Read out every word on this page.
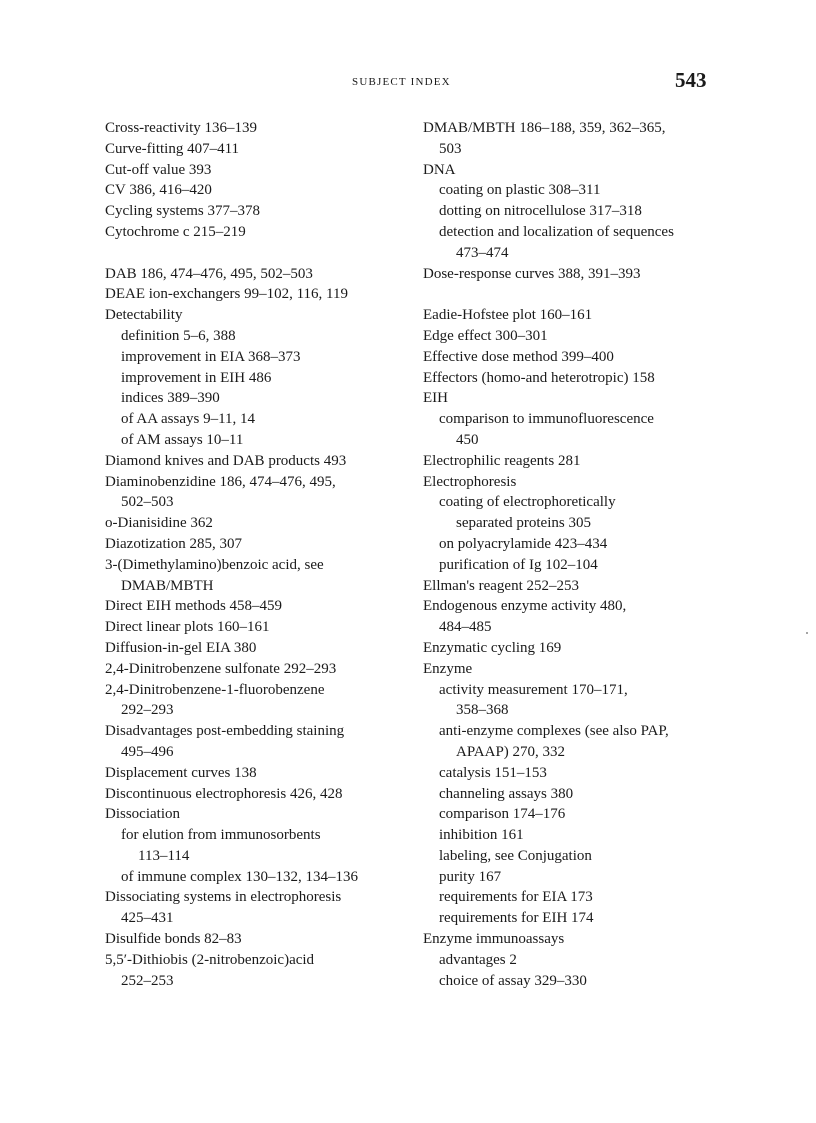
SUBJECT INDEX	543
Cross-reactivity 136–139
Curve-fitting 407–411
Cut-off value 393
CV 386, 416–420
Cycling systems 377–378
Cytochrome c 215–219
DAB 186, 474–476, 495, 502–503
DEAE ion-exchangers 99–102, 116, 119
Detectability
definition 5–6, 388
improvement in EIA 368–373
improvement in EIH 486
indices 389–390
of AA assays 9–11, 14
of AM assays 10–11
Diamond knives and DAB products 493
Diaminobenzidine 186, 474–476, 495,
502–503
o-Dianisidine 362
Diazotization 285, 307
3-(Dimethylamino)benzoic acid, see
DMAB/MBTH
Direct EIH methods 458–459
Direct linear plots 160–161
Diffusion-in-gel EIA 380
2,4-Dinitrobenzene sulfonate 292–293
2,4-Dinitrobenzene-1-fluorobenzene
292–293
Disadvantages post-embedding staining
495–496
Displacement curves 138
Discontinuous electrophoresis 426, 428
Dissociation
for elution from immunosorbents
113–114
of immune complex 130–132, 134–136
Dissociating systems in electrophoresis
425–431
Disulfide bonds 82–83
5,5′-Dithiobis (2-nitrobenzoic)acid
252–253
DMAB/MBTH 186–188, 359, 362–365,
503
DNA
coating on plastic 308–311
dotting on nitrocellulose 317–318
detection and localization of sequences
473–474
Dose-response curves 388, 391–393
Eadie-Hofstee plot 160–161
Edge effect 300–301
Effective dose method 399–400
Effectors (homo-and heterotropic) 158
EIH
comparison to immunofluorescence
450
Electrophilic reagents 281
Electrophoresis
coating of electrophoretically
separated proteins 305
on polyacrylamide 423–434
purification of Ig 102–104
Ellman's reagent 252–253
Endogenous enzyme activity 480,
484–485
Enzymatic cycling 169
Enzyme
activity measurement 170–171,
358–368
anti-enzyme complexes (see also PAP,
APAAP) 270, 332
catalysis 151–153
channeling assays 380
comparison 174–176
inhibition 161
labeling, see Conjugation
purity 167
requirements for EIA 173
requirements for EIH 174
Enzyme immunoassays
advantages 2
choice of assay 329–330
